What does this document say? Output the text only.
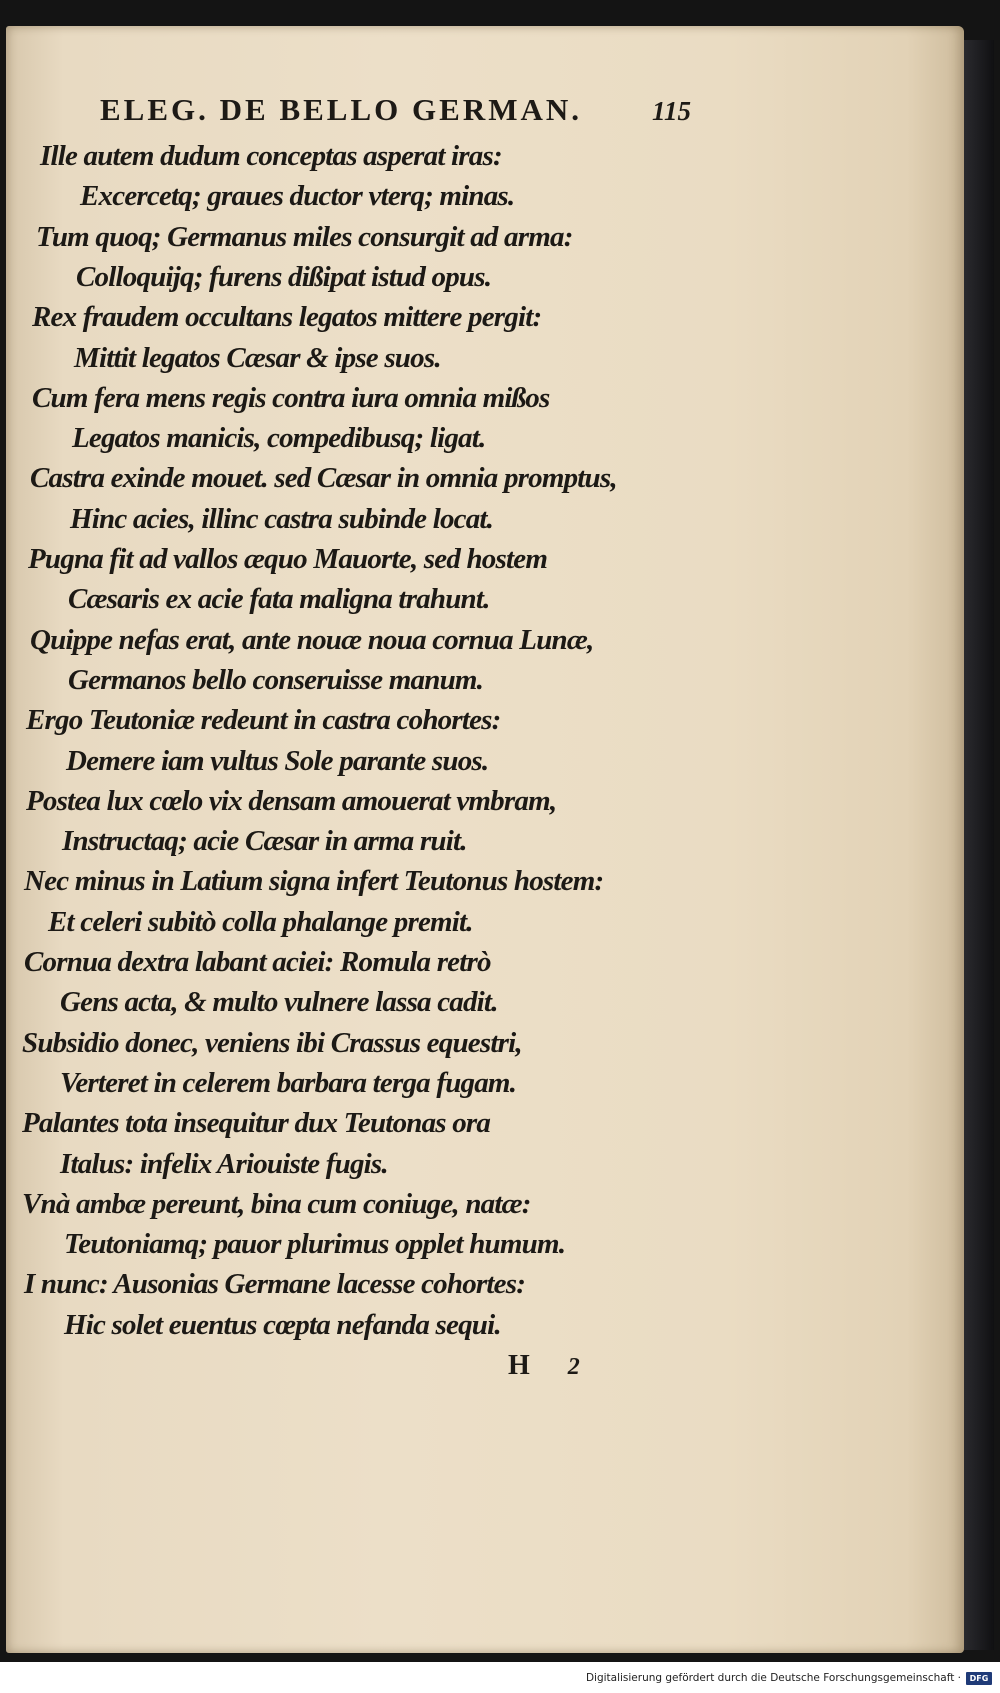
ELEG. DE BELLO GERMAN.	115
Ille autem dudum conceptas asperat iras:
Excercetq; graues ductor vterq; minas.
Tum quoq; Germanus miles consurgit ad arma:
Colloquijq; furens dißipat istud opus.
Rex fraudem occultans legatos mittere pergit:
Mittit legatos Cæsar & ipse suos.
Cum fera mens regis contra iura omnia mißos
Legatos manicis, compedibusq; ligat.
Castra exinde mouet. sed Cæsar in omnia promptus,
Hinc acies, illinc castra subinde locat.
Pugna fit ad vallos æquo Mauorte, sed hostem
Cæsaris ex acie fata maligna trahunt.
Quippe nefas erat, ante nouæ noua cornua Lunæ,
Germanos bello conseruisse manum.
Ergo Teutoniæ redeunt in castra cohortes:
Demere iam vultus Sole parante suos.
Postea lux cœlo vix densam amouerat vmbram,
Instructaq; acie Cæsar in arma ruit.
Nec minus in Latium signa infert Teutonus hostem:
Et celeri subitò colla phalange premit.
Cornua dextra labant aciei: Romula retrò
Gens acta, & multo vulnere lassa cadit.
Subsidio donec, veniens ibi Crassus equestri,
Verteret in celerem barbara terga fugam.
Palantes tota insequitur dux Teutonas ora
Italus: infelix Ariouiste fugis.
Vnà ambæ pereunt, bina cum coniuge, natæ:
Teutoniamq; pauor plurimus opplet humum.
I nunc: Ausonias Germane lacesse cohortes:
Hic solet euentus cœpta nefanda sequi.
H 2
Digitalisierung gefördert durch die Deutsche Forschungsgemeinschaft ·	DFG
